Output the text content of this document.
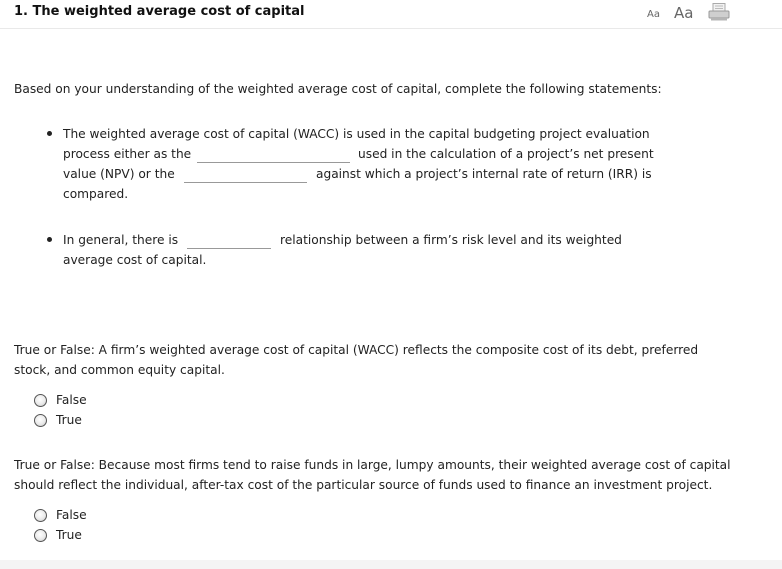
1. The weighted average cost of capital	Aa Aa
Based on your understanding of the weighted average cost of capital, complete the following statements:
The weighted average cost of capital (WACC) is used in the capital budgeting project evaluation
process either as the	used in the calculation of a project’s net present
value (NPV) or the	against which a project’s internal rate of return (IRR) is
compared.
In general, there is	relationship between a firm’s risk level and its weighted
average cost of capital.
True or False: A firm’s weighted average cost of capital (WACC) reflects the composite cost of its debt, preferred
stock, and common equity capital.
False
True
True or False: Because most firms tend to raise funds in large, lumpy amounts, their weighted average cost of capital
should reflect the individual, after-tax cost of the particular source of funds used to finance an investment project.
False
True
